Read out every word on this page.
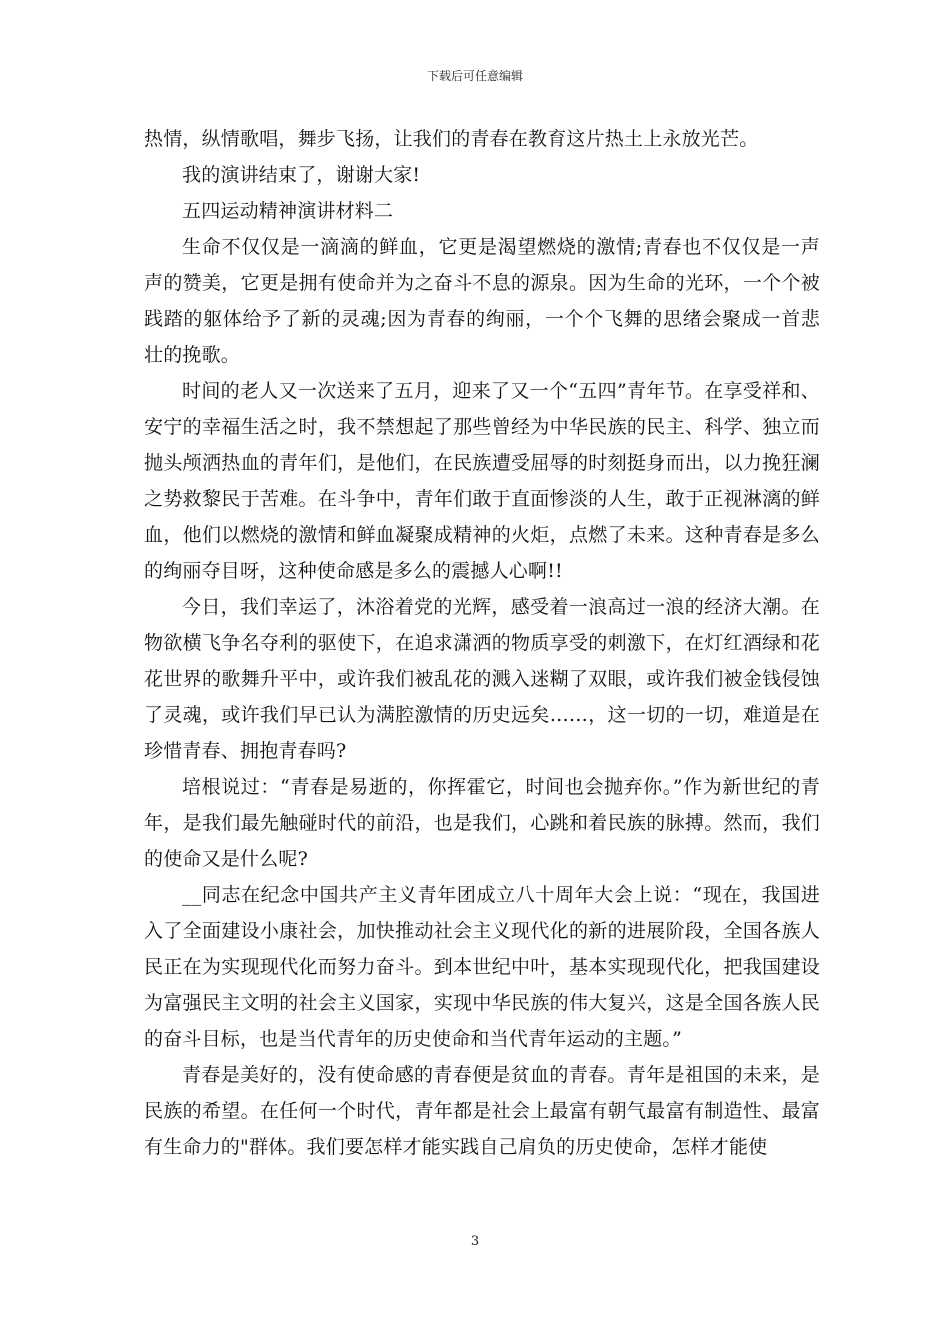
下载后可任意编辑

热情，纵情歌唱，舞步飞扬，让我们的青春在教育这片热土上永放光芒。

我的演讲结束了，谢谢大家!

五四运动精神演讲材料二

生命不仅仅是一滴滴的鲜血，它更是渴望燃烧的激情;青春也不仅仅是一声声的赞美，它更是拥有使命并为之奋斗不息的源泉。因为生命的光环，一个个被践踏的躯体给予了新的灵魂;因为青春的绚丽，一个个飞舞的思绪会聚成一首悲壮的挽歌。

时间的老人又一次送来了五月，迎来了又一个“五四”青年节。在享受祥和、安宁的幸福生活之时，我不禁想起了那些曾经为中华民族的民主、科学、独立而抛头颅洒热血的青年们，是他们，在民族遭受屈辱的时刻挺身而出，以力挽狂澜之势救黎民于苦难。在斗争中，青年们敢于直面惨淡的人生，敢于正视淋漓的鲜血，他们以燃烧的激情和鲜血凝聚成精神的火炬，点燃了未来。这种青春是多么的绚丽夺目呀，这种使命感是多么的震撼人心啊!!

今日，我们幸运了，沐浴着党的光辉，感受着一浪高过一浪的经济大潮。在物欲横飞争名夺利的驱使下，在追求潇洒的物质享受的刺激下，在灯红酒绿和花花世界的歌舞升平中，或许我们被乱花的溅入迷糊了双眼，或许我们被金钱侵蚀了灵魂，或许我们早已认为满腔激情的历史远矣……，这一切的一切，难道是在珍惜青春、拥抱青春吗?

培根说过：“青春是易逝的，你挥霍它，时间也会抛弃你。”作为新世纪的青年，是我们最先触碰时代的前沿，也是我们，心跳和着民族的脉搏。然而，我们的使命又是什么呢?

__同志在纪念中国共产主义青年团成立八十周年大会上说：“现在，我国进入了全面建设小康社会，加快推动社会主义现代化的新的进展阶段，全国各族人民正在为实现现代化而努力奋斗。到本世纪中叶，基本实现现代化，把我国建设为富强民主文明的社会主义国家，实现中华民族的伟大复兴，这是全国各族人民的奋斗目标，也是当代青年的历史使命和当代青年运动的主题。”

青春是美好的，没有使命感的青春便是贫血的青春。青年是祖国的未来，是民族的希望。在任何一个时代，青年都是社会上最富有朝气最富有制造性、最富有生命力的"群体。我们要怎样才能实践自己肩负的历史使命，怎样才能使

3
